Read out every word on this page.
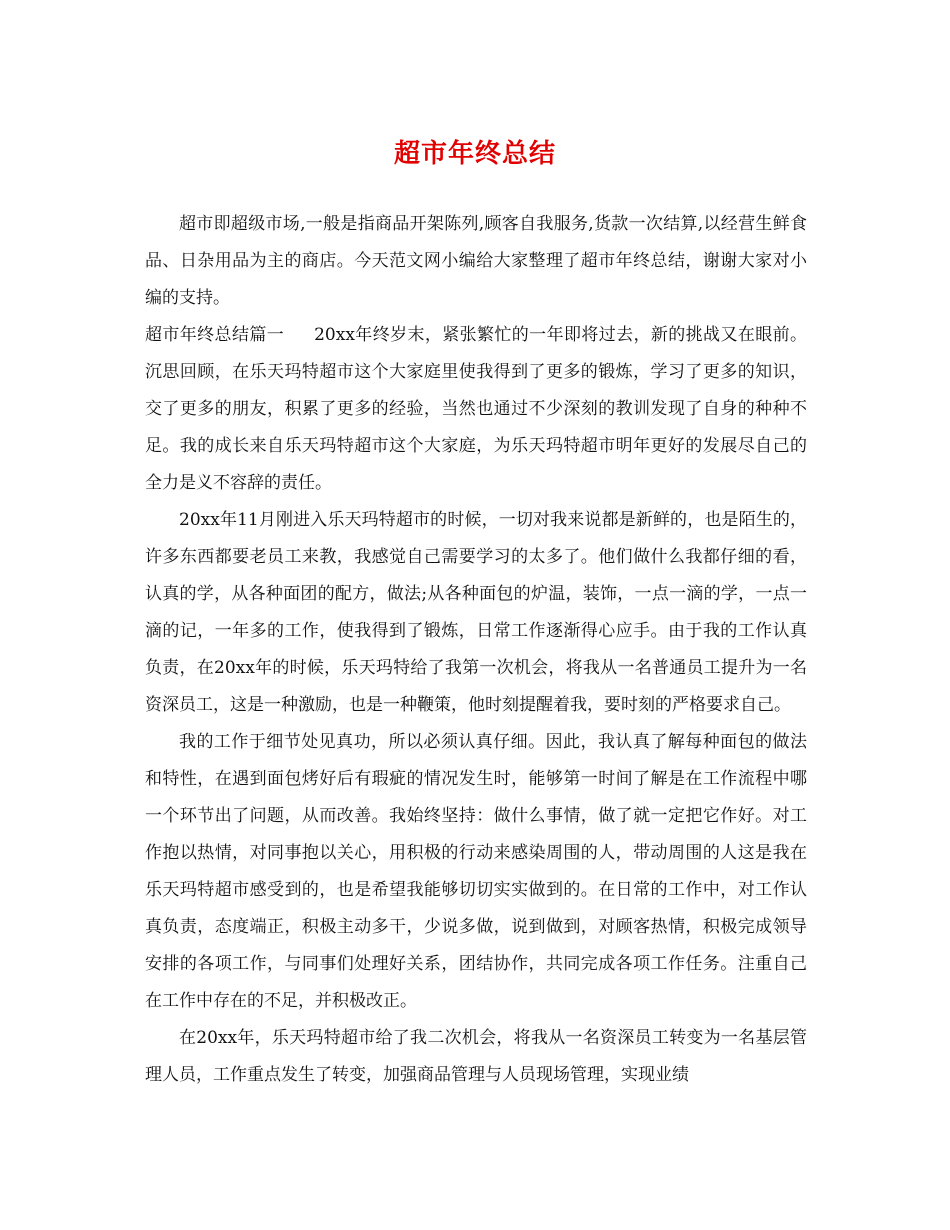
超市年终总结

超市即超级市场,一般是指商品开架陈列,顾客自我服务,货款一次结算,以经营生鲜食品、日杂用品为主的商店。今天范文网小编给大家整理了超市年终总结，谢谢大家对小编的支持。

超市年终总结篇一 20xx年终岁末，紧张繁忙的一年即将过去，新的挑战又在眼前。沉思回顾，在乐天玛特超市这个大家庭里使我得到了更多的锻炼，学习了更多的知识，交了更多的朋友，积累了更多的经验，当然也通过不少深刻的教训发现了自身的种种不足。我的成长来自乐天玛特超市这个大家庭，为乐天玛特超市明年更好的发展尽自己的全力是义不容辞的责任。

20xx年11月刚进入乐天玛特超市的时候，一切对我来说都是新鲜的，也是陌生的，许多东西都要老员工来教，我感觉自己需要学习的太多了。他们做什么我都仔细的看，认真的学，从各种面团的配方，做法;从各种面包的炉温，装饰，一点一滴的学，一点一滴的记，一年多的工作，使我得到了锻炼，日常工作逐渐得心应手。由于我的工作认真负责，在20xx年的时候，乐天玛特给了我第一次机会，将我从一名普通员工提升为一名资深员工，这是一种激励，也是一种鞭策，他时刻提醒着我，要时刻的严格要求自己。

我的工作于细节处见真功，所以必须认真仔细。因此，我认真了解每种面包的做法和特性，在遇到面包烤好后有瑕疵的情况发生时，能够第一时间了解是在工作流程中哪一个环节出了问题，从而改善。我始终坚持：做什么事情，做了就一定把它作好。对工作抱以热情，对同事抱以关心，用积极的行动来感染周围的人，带动周围的人这是我在乐天玛特超市感受到的，也是希望我能够切切实实做到的。在日常的工作中，对工作认真负责，态度端正，积极主动多干，少说多做，说到做到，对顾客热情，积极完成领导安排的各项工作，与同事们处理好关系，团结协作，共同完成各项工作任务。注重自己在工作中存在的不足，并积极改正。

在20xx年，乐天玛特超市给了我二次机会，将我从一名资深员工转变为一名基层管理人员，工作重点发生了转变，加强商品管理与人员现场管理，实现业绩
